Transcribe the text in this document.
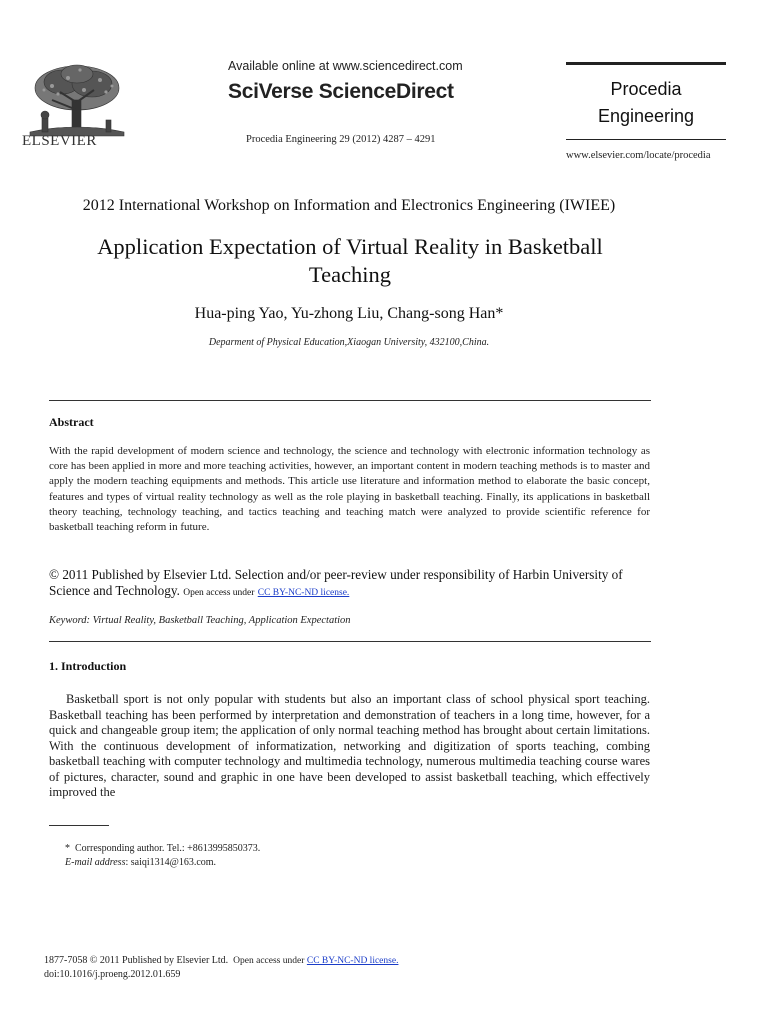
ELSEVIER
Available online at www.sciencedirect.com
SciVerse ScienceDirect
Procedia Engineering 29 (2012) 4287 – 4291
Procedia
Engineering
www.elsevier.com/locate/procedia
2012 International Workshop on Information and Electronics Engineering (IWIEE)
Application Expectation of Virtual Reality in Basketball
Teaching
Hua-ping Yao, Yu-zhong Liu, Chang-song Han*
Deparment of Physical Education,Xiaogan University, 432100,China.
Abstract
With the rapid development of modern science and technology, the science and technology with electronic information technology as core has been applied in more and more teaching activities, however, an important content in modern teaching methods is to master and apply the modern teaching equipments and methods. This article use literature and information method to elaborate the basic concept, features and types of virtual reality technology as well as the role playing in basketball teaching. Finally, its applications in basketball theory teaching, technology teaching, and tactics teaching and teaching match were analyzed to provide scientific reference for basketball teaching reform in future.
© 2011 Published by Elsevier Ltd. Selection and/or peer-review under responsibility of Harbin University of Science and Technology. Open access under CC BY-NC-ND license.
Keyword: Virtual Reality, Basketball Teaching, Application Expectation
1. Introduction

Basketball sport is not only popular with students but also an important class of school physical sport teaching. Basketball teaching has been performed by interpretation and demonstration of teachers in a long time, however, for a quick and changeable group item; the application of only normal teaching method has brought about certain limitations. With the continuous development of informatization, networking and digitization of sports teaching, combing basketball teaching with computer technology and multimedia technology, numerous multimedia teaching course wares of pictures, character, sound and graphic in one have been developed to assist basketball teaching, which effectively improved the

* Corresponding author. Tel.: +8613995850373.
E-mail address: saiqi1314@163.com.
1877-7058 © 2011 Published by Elsevier Ltd. Open access under CC BY-NC-ND license.
doi:10.1016/j.proeng.2012.01.659
